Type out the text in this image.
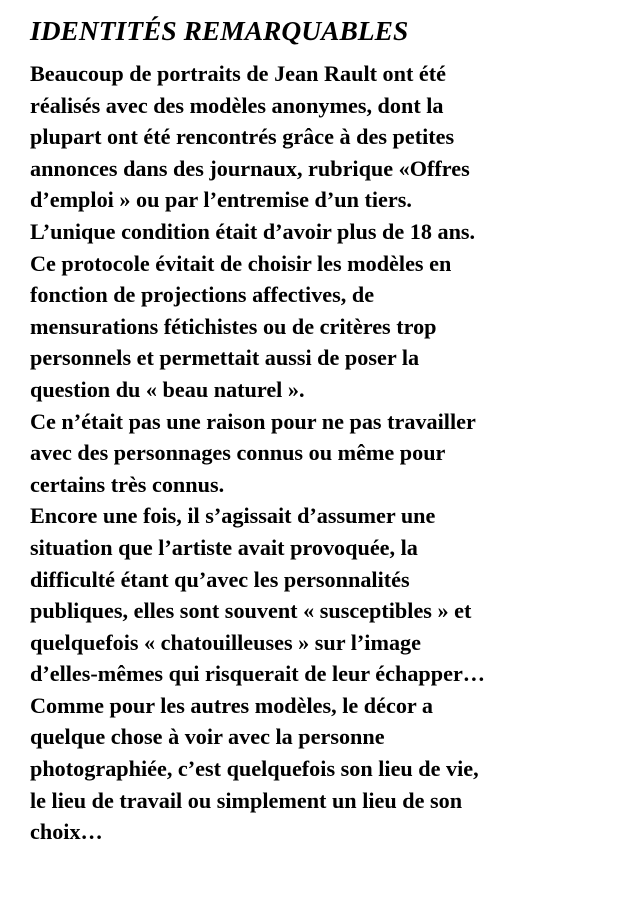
IDENTITÉS REMARQUABLES
Beaucoup de portraits de Jean Rault ont été
réalisés avec des modèles anonymes, dont la
plupart ont été rencontrés grâce à des petites
annonces dans des journaux, rubrique «Offres
d’emploi » ou par l’entremise d’un tiers.
L’unique condition était d’avoir plus de 18 ans.
Ce protocole évitait de choisir les modèles en
fonction de projections affectives, de
mensurations fétichistes ou de critères trop
personnels et permettait aussi de poser la
question du « beau naturel ».
Ce n’était pas une raison pour ne pas travailler
avec des personnages connus ou même pour
certains très connus.
Encore une fois, il s’agissait d’assumer une
situation que l’artiste avait provoquée, la
difficulté étant qu’avec les personnalités
publiques, elles sont souvent « susceptibles » et
quelquefois « chatouilleuses » sur l’image
d’elles-mêmes qui risquerait de leur échapper…
Comme pour les autres modèles, le décor a
quelque chose à voir avec la personne
photographiée, c’est quelquefois son lieu de vie,
le lieu de travail ou simplement un lieu de son
choix…
